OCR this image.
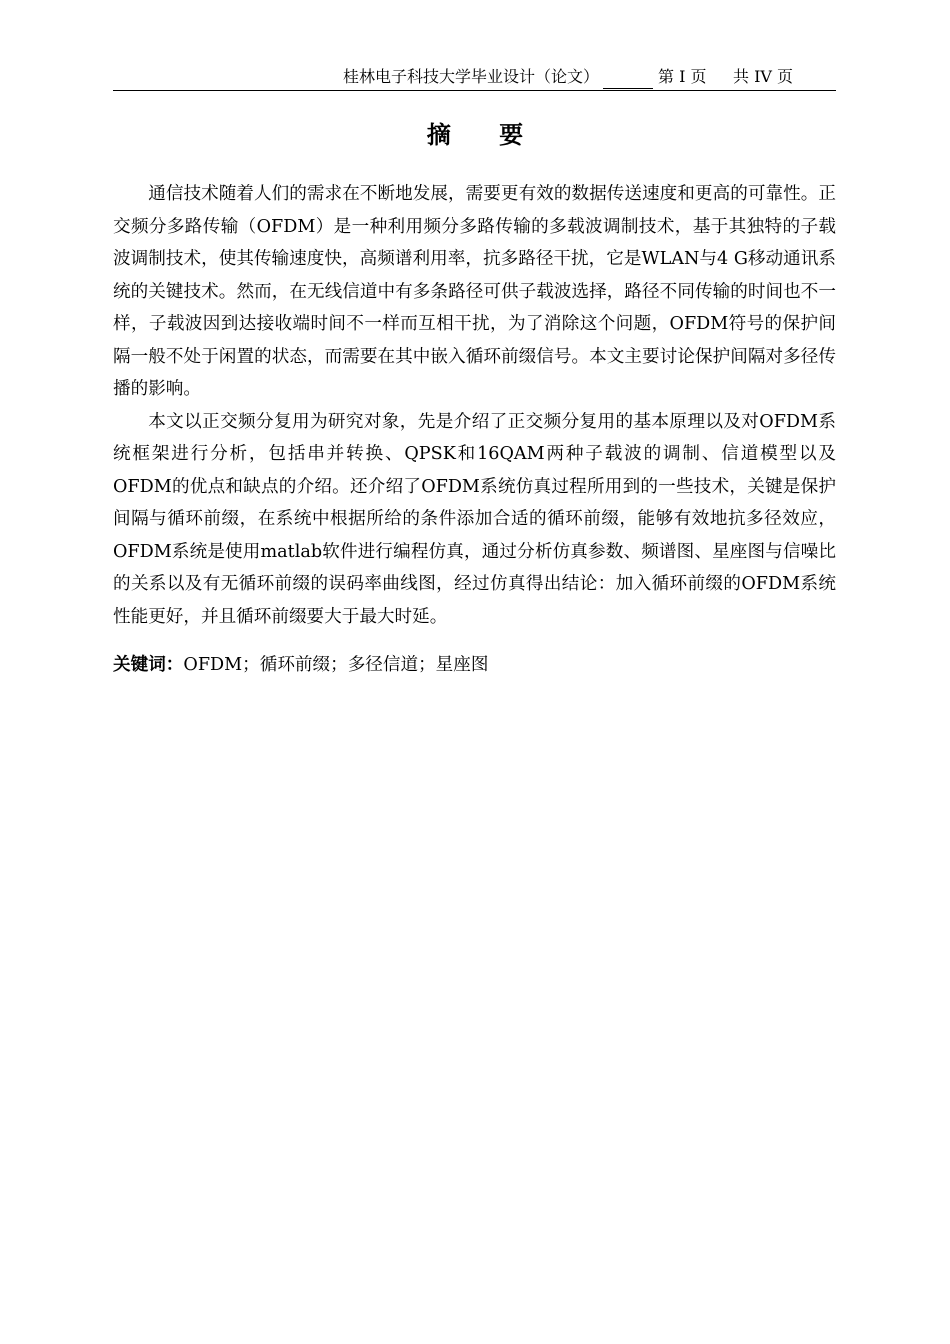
桂林电子科技大学毕业设计（论文）	第 I 页 共 IV 页
摘 要

通信技术随着人们的需求在不断地发展，需要更有效的数据传送速度和更高的可靠性。正交频分多路传输（OFDM）是一种利用频分多路传输的多载波调制技术，基于其独特的子载波调制技术，使其传输速度快，高频谱利用率，抗多路径干扰，它是WLAN与4 G移动通讯系统的关键技术。然而，在无线信道中有多条路径可供子载波选择，路径不同传输的时间也不一样，子载波因到达接收端时间不一样而互相干扰，为了消除这个问题，OFDM符号的保护间隔一般不处于闲置的状态，而需要在其中嵌入循环前缀信号。本文主要讨论保护间隔对多径传播的影响。

本文以正交频分复用为研究对象，先是介绍了正交频分复用的基本原理以及对OFDM系统框架进行分析，包括串并转换、QPSK和16QAM两种子载波的调制、信道模型以及OFDM的优点和缺点的介绍。还介绍了OFDM系统仿真过程所用到的一些技术，关键是保护间隔与循环前缀，在系统中根据所给的条件添加合适的循环前缀，能够有效地抗多径效应，OFDM系统是使用matlab软件进行编程仿真，通过分析仿真参数、频谱图、星座图与信噪比的关系以及有无循环前缀的误码率曲线图，经过仿真得出结论：加入循环前缀的OFDM系统性能更好，并且循环前缀要大于最大时延。

关键词：OFDM；循环前缀；多径信道；星座图
